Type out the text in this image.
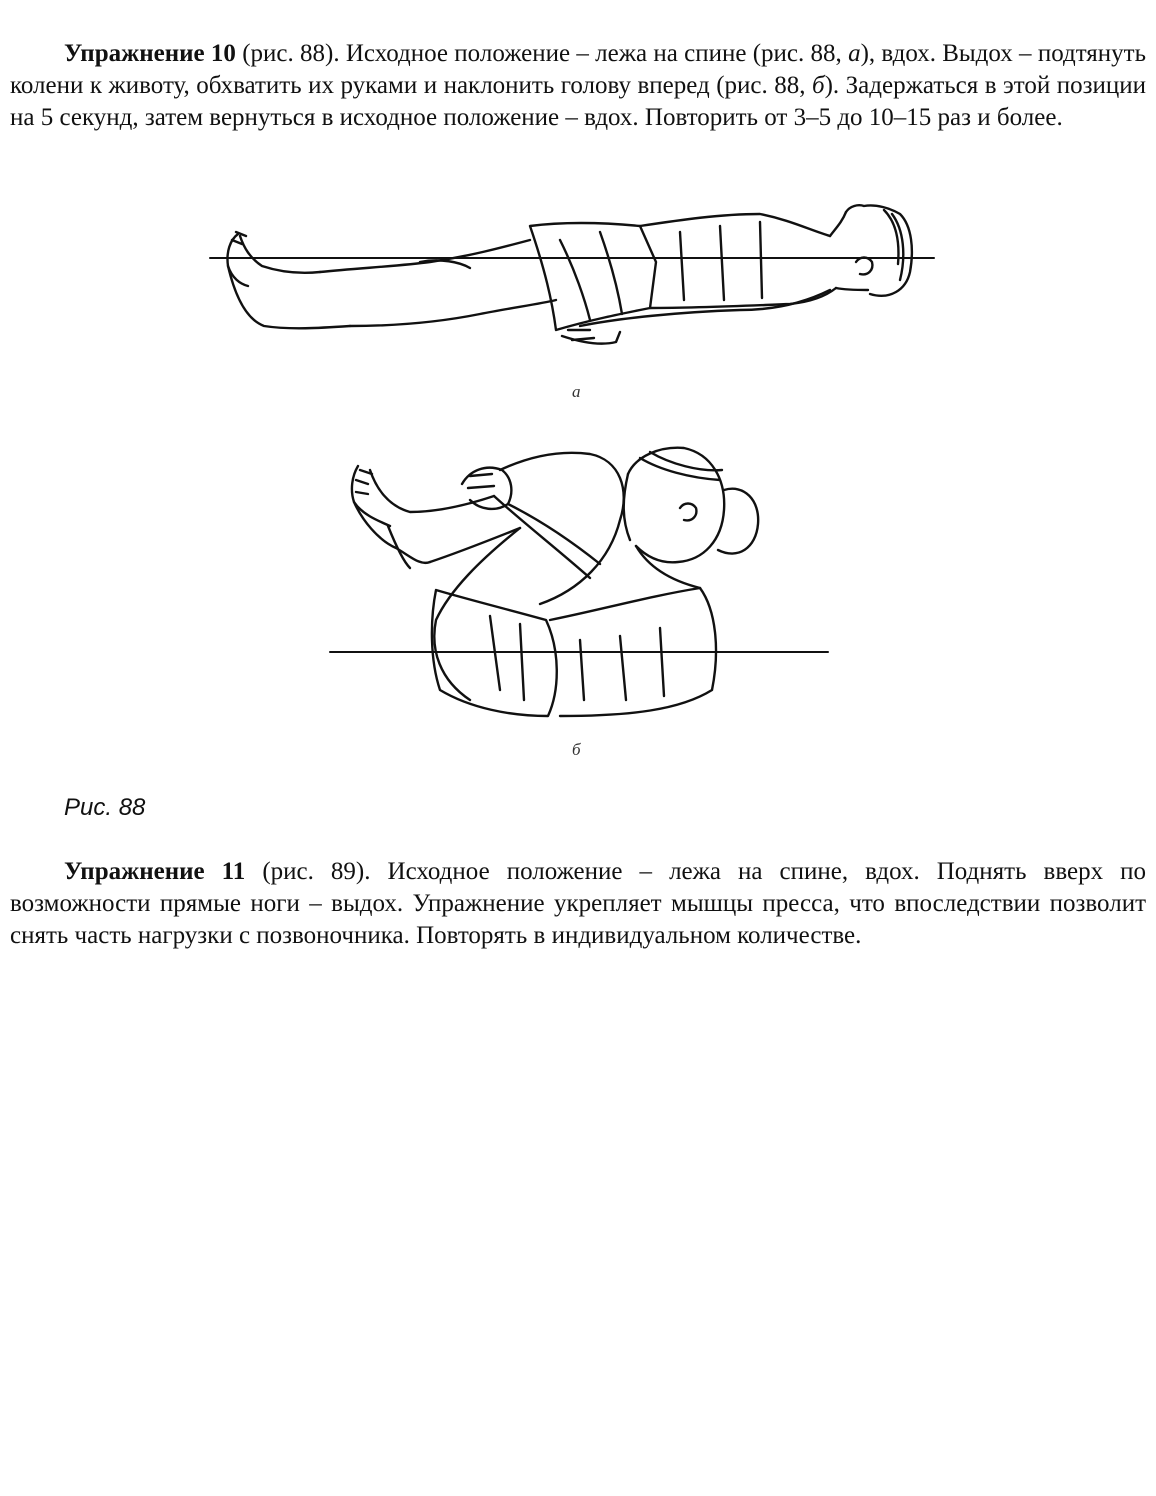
Упражнение 10 (рис. 88). Исходное положение – лежа на спине (рис. 88, а), вдох. Выдох – подтянуть колени к животу, обхватить их руками и наклонить голову вперед (рис. 88, б). Задержаться в этой позиции на 5 секунд, затем вернуться в исходное положение – вдох. Повторить от 3–5 до 10–15 раз и более.

а
б
Рис. 88

Упражнение 11 (рис. 89). Исходное положение – лежа на спине, вдох. Поднять вверх по возможности прямые ноги – выдох. Упражнение укрепляет мышцы пресса, что впоследствии позволит снять часть нагрузки с позвоночника. Повторять в индивидуальном количестве.
